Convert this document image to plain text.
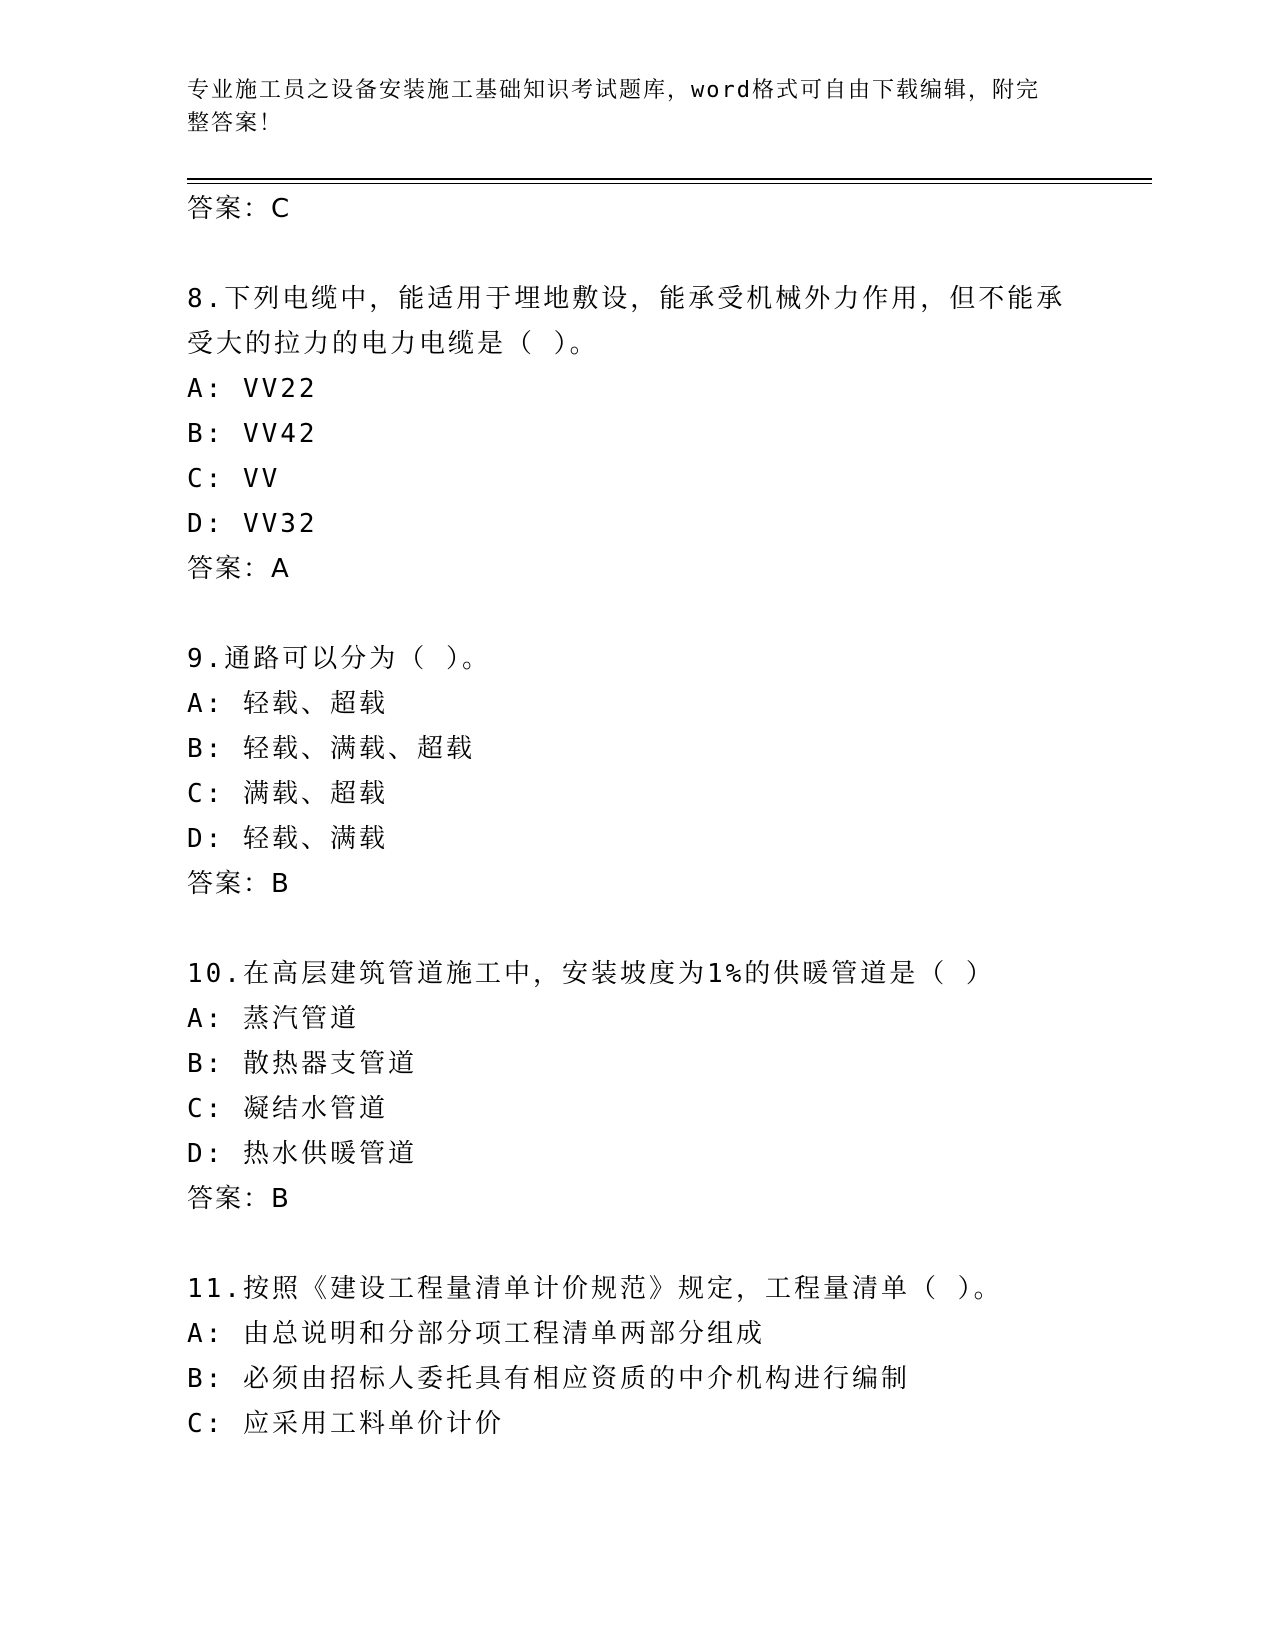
专业施工员之设备安装施工基础知识考试题库，word格式可自由下载编辑，附完
整答案！
答案：C
8.下列电缆中，能适用于埋地敷设，能承受机械外力作用，但不能承
受大的拉力的电力电缆是（ ）。
A: VV22
B: VV42
C: VV
D: VV32
答案：A
9.通路可以分为（ ）。
A: 轻载、超载
B: 轻载、满载、超载
C: 满载、超载
D: 轻载、满载
答案：B
10.在高层建筑管道施工中，安装坡度为1%的供暖管道是（ ）
A: 蒸汽管道
B: 散热器支管道
C: 凝结水管道
D: 热水供暖管道
答案：B
11.按照《建设工程量清单计价规范》规定，工程量清单（ ）。
A: 由总说明和分部分项工程清单两部分组成
B: 必须由招标人委托具有相应资质的中介机构进行编制
C: 应采用工料单价计价
